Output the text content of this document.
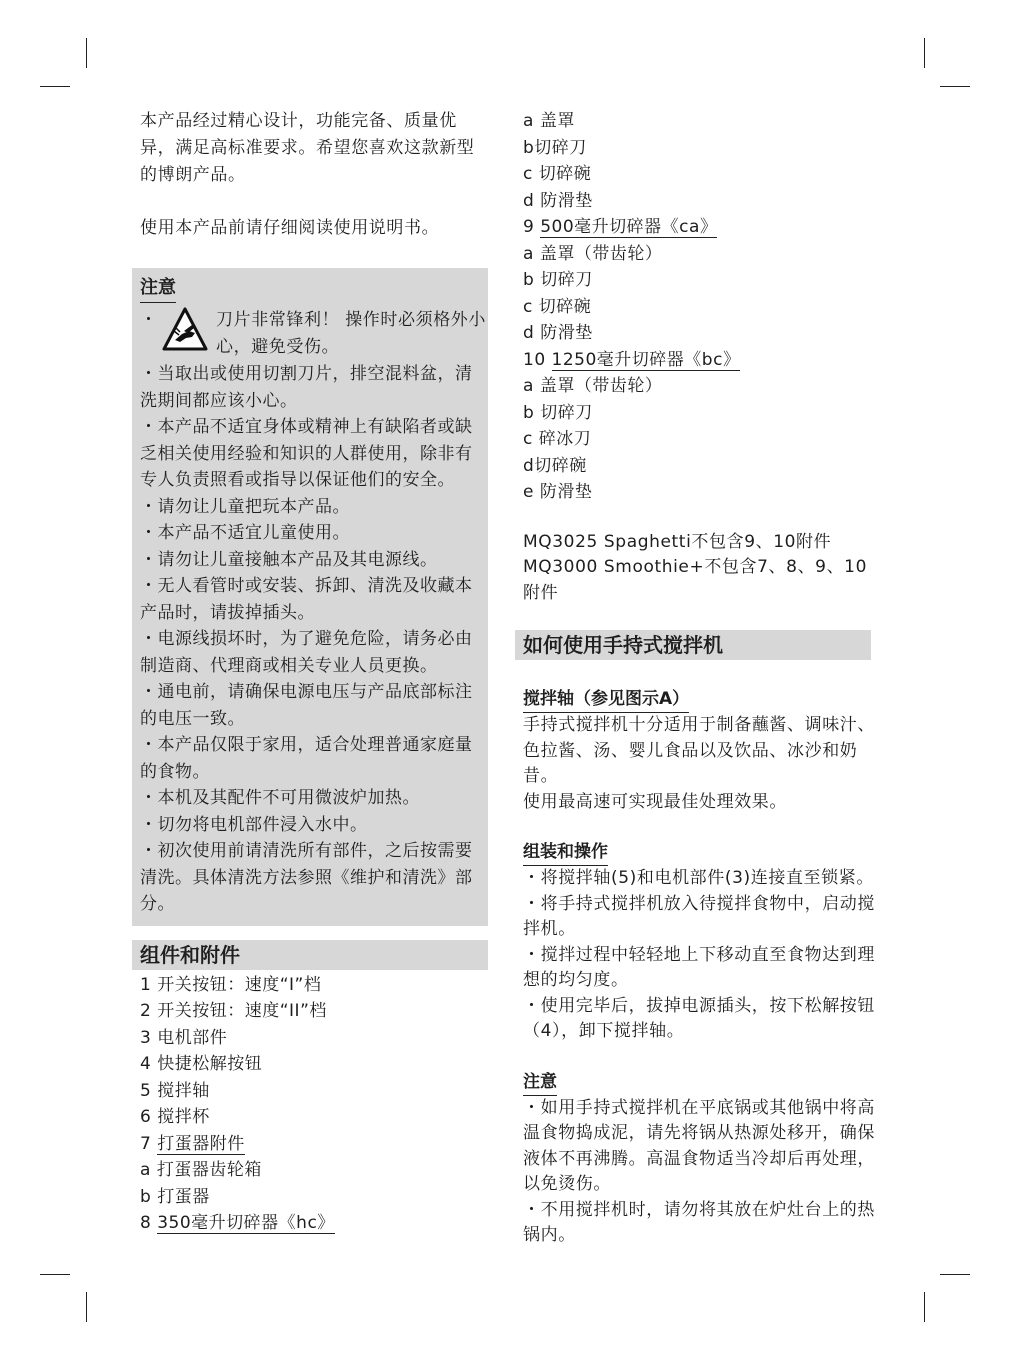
本产品经过精心设计，功能完备、质量优异，满足高标准要求。希望您喜欢这款新型的博朗产品。

使用本产品前请仔细阅读使用说明书。

注意
・	刀片非常锋利！ 操作时必须格外小心，避免受伤。
・当取出或使用切割刀片，排空混料盆，清洗期间都应该小心。
・本产品不适宜身体或精神上有缺陷者或缺乏相关使用经验和知识的人群使用，除非有专人负责照看或指导以保证他们的安全。
・请勿让儿童把玩本产品。
・本产品不适宜儿童使用。
・请勿让儿童接触本产品及其电源线。
・无人看管时或安装、拆卸、清洗及收藏本产品时，请拔掉插头。
・电源线损坏时，为了避免危险，请务必由制造商、代理商或相关专业人员更换。
・通电前，请确保电源电压与产品底部标注的电压一致。
・本产品仅限于家用，适合处理普通家庭量的食物。
・本机及其配件不可用微波炉加热。
・切勿将电机部件浸入水中。
・初次使用前请清洗所有部件，之后按需要清洗。具体清洗方法参照《维护和清洗》部分。
组件和附件
1 开关按钮：速度“I”档
2 开关按钮：速度“II”档
3 电机部件
4 快捷松解按钮
5 搅拌轴
6 搅拌杯
7 打蛋器附件
a 打蛋器齿轮箱
b 打蛋器
8 350毫升切碎器《hc》
a 盖罩
b切碎刀
c 切碎碗
d 防滑垫
9 500毫升切碎器《ca》
a 盖罩（带齿轮）
b 切碎刀
c 切碎碗
d 防滑垫
10 1250毫升切碎器《bc》
a 盖罩（带齿轮）
b 切碎刀
c 碎冰刀
d切碎碗
e 防滑垫
MQ3025 Spaghetti不包含9、10附件
MQ3000 Smoothie+不包含7、8、9、10附件
如何使用手持式搅拌机
搅拌轴（参见图示A）
手持式搅拌机十分适用于制备蘸酱、调味汁、色拉酱、汤、婴儿食品以及饮品、冰沙和奶昔。
使用最高速可实现最佳处理效果。
组装和操作
・将搅拌轴(5)和电机部件(3)连接直至锁紧。
・将手持式搅拌机放入待搅拌食物中，启动搅拌机。
・搅拌过程中轻轻地上下移动直至食物达到理想的均匀度。
・使用完毕后，拔掉电源插头，按下松解按钮（4），卸下搅拌轴。
注意
・如用手持式搅拌机在平底锅或其他锅中将高温食物捣成泥，请先将锅从热源处移开，确保液体不再沸腾。高温食物适当冷却后再处理，以免烫伤。
・不用搅拌机时，请勿将其放在炉灶台上的热锅内。
